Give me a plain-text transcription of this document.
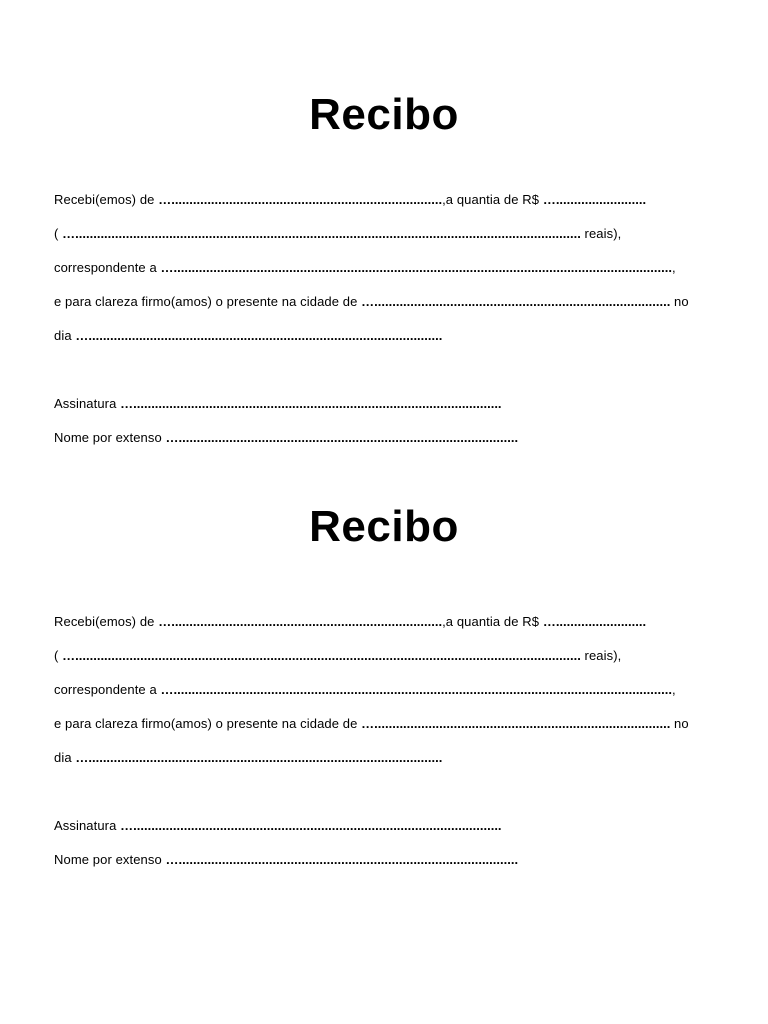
Recibo
Recebi(emos) de …...........................................................................,a quantia de R$ ….........................
( …............................................................................................................................................ reais),
correspondente a …..........................................................................................................................................,
e para clareza firmo(amos) o presente na cidade de ….................................................................................. no
dia …..................................................................................................
Assinatura …......................................................................................................
Nome por extenso …..............................................................................................
Recibo
Recebi(emos) de …...........................................................................,a quantia de R$ ….........................
( …............................................................................................................................................ reais),
correspondente a …..........................................................................................................................................,
e para clareza firmo(amos) o presente na cidade de ….................................................................................. no
dia …..................................................................................................
Assinatura …......................................................................................................
Nome por extenso …..............................................................................................
